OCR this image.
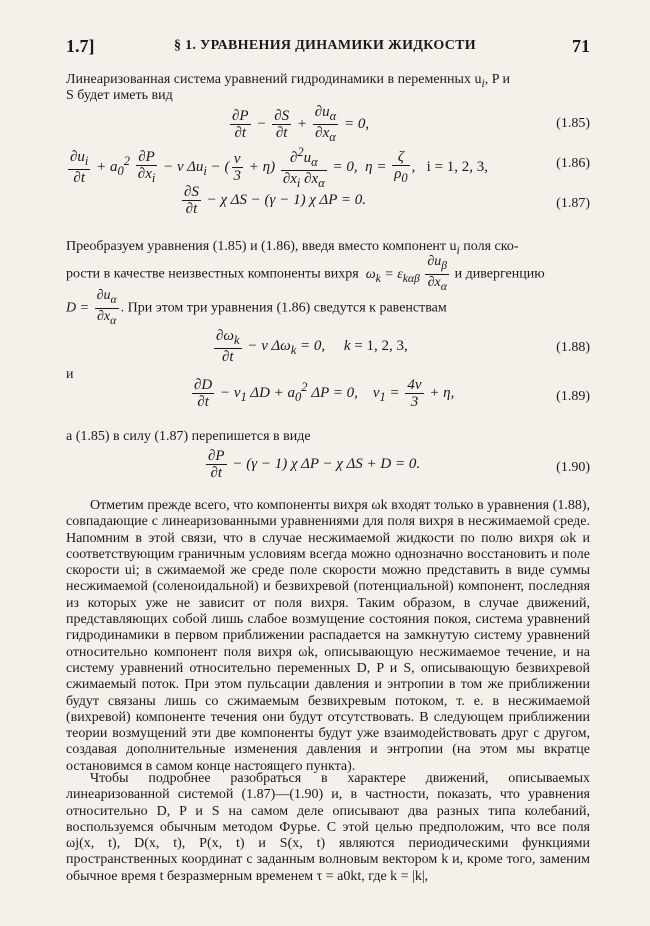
1.7]	§ 1. УРАВНЕНИЯ ДИНАМИКИ ЖИДКОСТИ	71
Линеаризованная система уравнений гидродинамики в переменных $u_i$, P и
S будет иметь вид
$\frac{\partial P}{\partial t} - \frac{\partial S}{\partial t} + \frac{\partial u_\alpha}{\partial x_\alpha} = 0$,	(1.85)
$\frac{\partial u_i}{\partial t} + a_0^2 \frac{\partial P}{\partial x_i} - \nu$ $\Delta u_i$ − ( $\frac{\nu}{3} + \eta) \frac{\partial^2u_\alpha}{\partial x_i \partial x_\alpha} = 0$,  $\eta = \frac{\zeta}{\rho_0}$ ,   i = 1, 2, 3,	(1.86)
$\frac{\partial S}{\partial t} - \chi$ ΔS − (γ − 1) χ ΔP = 0.	(1.87)
Преобразуем уравнения (1.85) и (1.86), введя вместо компонент $u_i$ поля ско-
рости в качестве неизвестных компоненты вихря  $\omega_k = \varepsilon_{k\alpha\beta} \frac{\partial u_\beta}{\partial x_\alpha}$ и дивергенцию
$D = \frac{\partial u_\alpha}{\partial x_\alpha}$ . При этом три уравнения (1.86) сведутся к равенствам
$\frac{\partial\omega_k}{\partial t} - \nu$ $\Delta\omega_k = 0$,     k = 1, 2, 3,	(1.88)
и
$\frac{\partial D}{\partial t} - \nu_1$ $\Delta D + a_0^2$ ΔP = 0,    $\nu_1 = \frac{4\nu}{3} + \eta$,	(1.89)
а (1.85) в силу (1.87) перепишется в виде
$\frac{\partial P}{\partial t} - (\gamma - 1)$ χ ΔP − χ ΔS + D = 0.	(1.90)
Отметим прежде всего, что компоненты вихря ωk входят только в уравнения (1.88), совпадающие с линеаризованными уравнениями для поля вихря в несжимаемой среде. Напомним в этой связи, что в случае несжимаемой жидкости по полю вихря ωk и соответствующим граничным условиям всегда можно однозначно восстановить и поле скорости ui; в сжимаемой же среде поле скорости можно представить в виде суммы несжимаемой (соленоидальной) и безвихревой (потенциальной) компонент, последняя из которых уже не зависит от поля вихря. Таким образом, в случае движений, представляющих собой лишь слабое возмущение состояния покоя, система уравнений гидродинамики в первом приближении распадается на замкнутую систему уравнений относительно компонент поля вихря ωk, описывающую несжимаемое течение, и на систему уравнений относительно переменных D, P и S, описывающую безвихревой сжимаемый поток. При этом пульсации давления и энтропии в том же приближении будут связаны лишь со сжимаемым безвихревым потоком, т. е. в несжимаемой (вихревой) компоненте течения они будут отсутствовать. В следующем приближении теории возмущений эти две компоненты будут уже взаимодействовать друг с другом, создавая дополнительные изменения давления и энтропии (на этом мы вкратце остановимся в самом конце настоящего пункта).
Чтобы подробнее разобраться в характере движений, описываемых линеаризованной системой (1.87)—(1.90) и, в частности, показать, что уравнения относительно D, P и S на самом деле описывают два разных типа колебаний, воспользуемся обычным методом Фурье. С этой целью предположим, что все поля ωj(x, t), D(x, t), P(x, t) и S(x, t) являются периодическими функциями пространственных координат с заданным волновым вектором k и, кроме того, заменим обычное время t безразмерным временем τ = a0kt, где k = |k|,
